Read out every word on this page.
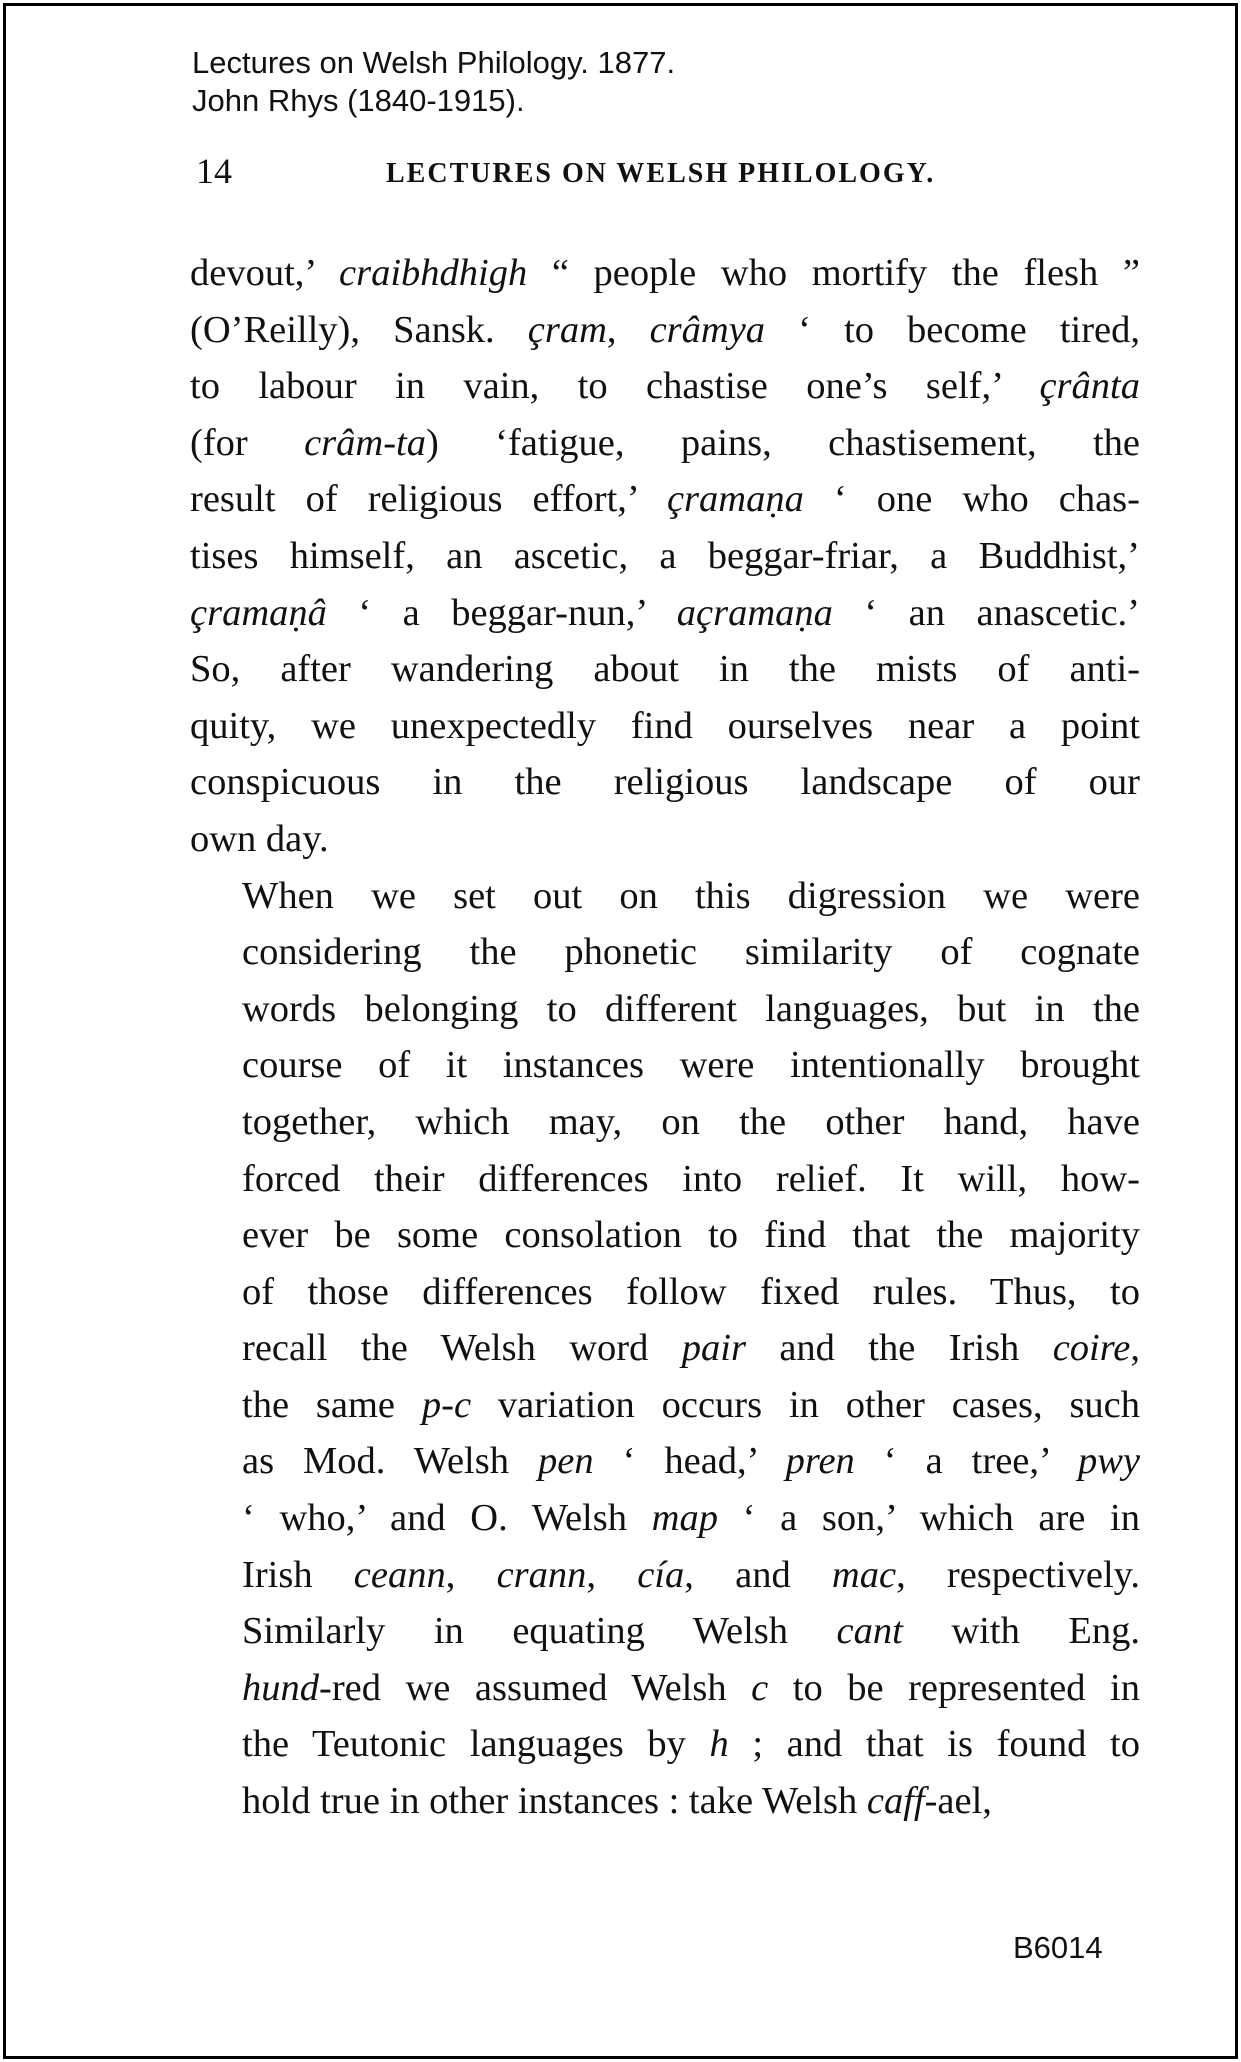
Lectures on Welsh Philology. 1877.
John Rhys (1840-1915).
14	LECTURES ON WELSH PHILOLOGY.

devout,’ craibhdhigh “ people who mortify the flesh ”
(O’Reilly), Sansk. çram, crâmya ‘ to become tired,
to labour in vain, to chastise one’s self,’ çrânta
(for crâm-ta) ‘fatigue, pains, chastisement, the
result of religious effort,’ çramaṇa ‘ one who chas-
tises himself, an ascetic, a beggar-friar, a Buddhist,’
çramaṇâ ‘ a beggar-nun,’ açramaṇa ‘ an anascetic.’
So, after wandering about in the mists of anti-
quity, we unexpectedly find ourselves near a point
conspicuous in the religious landscape of our
own day.

When we set out on this digression we were
considering the phonetic similarity of cognate
words belonging to different languages, but in the
course of it instances were intentionally brought
together, which may, on the other hand, have
forced their differences into relief. It will, how-
ever be some consolation to find that the majority
of those differences follow fixed rules. Thus, to
recall the Welsh word pair and the Irish coire,
the same p-c variation occurs in other cases, such
as Mod. Welsh pen ‘ head,’ pren ‘ a tree,’ pwy
‘ who,’ and O. Welsh map ‘ a son,’ which are in
Irish ceann, crann, cía, and mac, respectively.
Similarly in equating Welsh cant with Eng.
hund-red we assumed Welsh c to be represented in
the Teutonic languages by h ; and that is found to
hold true in other instances : take Welsh caff-ael,

B6014
